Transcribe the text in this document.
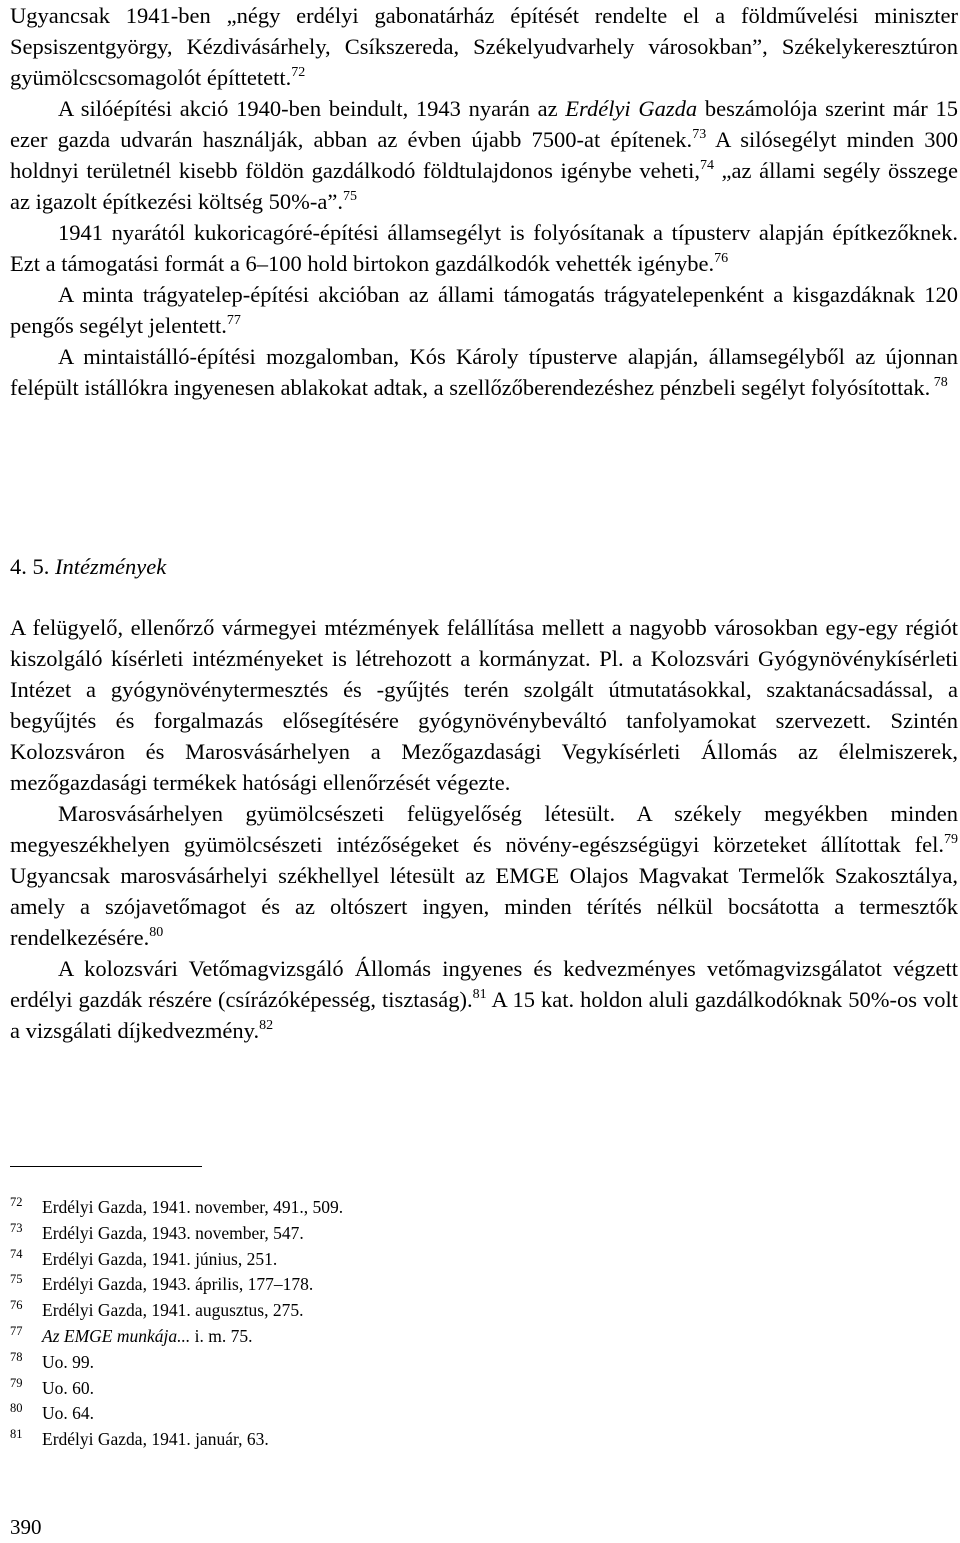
Ugyancsak 1941-ben „négy erdélyi gabonatárház építését rendelte el a földművelési miniszter Sepsiszentgyörgy, Kézdivásárhely, Csíkszereda, Székelyudvarhely városokban”, Székelykeresztúron gyümölcscsomagolót építtetett.$^{72}$

A silóépítési akció 1940-ben beindult, 1943 nyarán az Erdélyi Gazda beszámolója szerint már 15 ezer gazda udvarán használják, abban az évben újabb 7500-at építenek.$^{73}$ A silósegélyt minden 300 holdnyi területnél kisebb földön gazdálkodó földtulajdonos igénybe veheti,$^{74}$ „az állami segély összege az igazolt építkezési költség 50%-a”.$^{75}$

1941 nyarától kukoricagóré-építési államsegélyt is folyósítanak a típusterv alapján építkezőknek. Ezt a támogatási formát a 6–100 hold birtokon gazdálkodók vehették igénybe.$^{76}$

A minta trágyatelep-építési akcióban az állami támogatás trágyatelepenként a kisgazdáknak 120 pengős segélyt jelentett.$^{77}$

A mintaistálló-építési mozgalomban, Kós Károly típusterve alapján, államsegélyből az újonnan felépült istállókra ingyenesen ablakokat adtak, a szellőzőberendezéshez pénzbeli segélyt folyósítottak. $^{78}$

4. 5. Intézmények

A felügyelő, ellenőrző vármegyei mtézmények felállítása mellett a nagyobb városokban egy-egy régiót kiszolgáló kísérleti intézményeket is létrehozott a kormányzat. Pl. a Kolozsvári Gyógynövénykísérleti Intézet a gyógynövénytermesztés és -gyűjtés terén szolgált útmutatásokkal, szaktanácsadással, a begyűjtés és forgalmazás elősegítésére gyógynövénybeváltó tanfolyamokat szervezett. Szintén Kolozsváron és Marosvásárhelyen a Mezőgazdasági Vegykísérleti Állomás az élelmiszerek, mezőgazdasági termékek hatósági ellenőrzését végezte.

Marosvásárhelyen gyümölcsészeti felügyelőség létesült. A székely megyékben minden megyeszékhelyen gyümölcsészeti intézőségeket és növény-egészségügyi körzeteket állítottak fel.$^{79}$ Ugyancsak marosvásárhelyi székhellyel létesült az EMGE Olajos Magvakat Termelők Szakosztálya, amely a szójavetőmagot és az oltószert ingyen, minden térítés nélkül bocsátotta a termesztők rendelkezésére.$^{80}$

A kolozsvári Vetőmagvizsgáló Állomás ingyenes és kedvezményes vetőmagvizsgálatot végzett erdélyi gazdák részére (csírázóképesség, tisztaság).$^{81}$ A 15 kat. holdon aluli gazdálkodóknak 50%-os volt a vizsgálati díjkedvezmény.$^{82}$

72 Erdélyi Gazda, 1941. november, 491., 509.
73 Erdélyi Gazda, 1943. november, 547.
74 Erdélyi Gazda, 1941. június, 251.
75 Erdélyi Gazda, 1943. április, 177–178.
76 Erdélyi Gazda, 1941. augusztus, 275.
77 Az EMGE munkája... i. m. 75.
78 Uo. 99.
79 Uo. 60.
80 Uo. 64.
81 Erdélyi Gazda, 1941. január, 63.
390
